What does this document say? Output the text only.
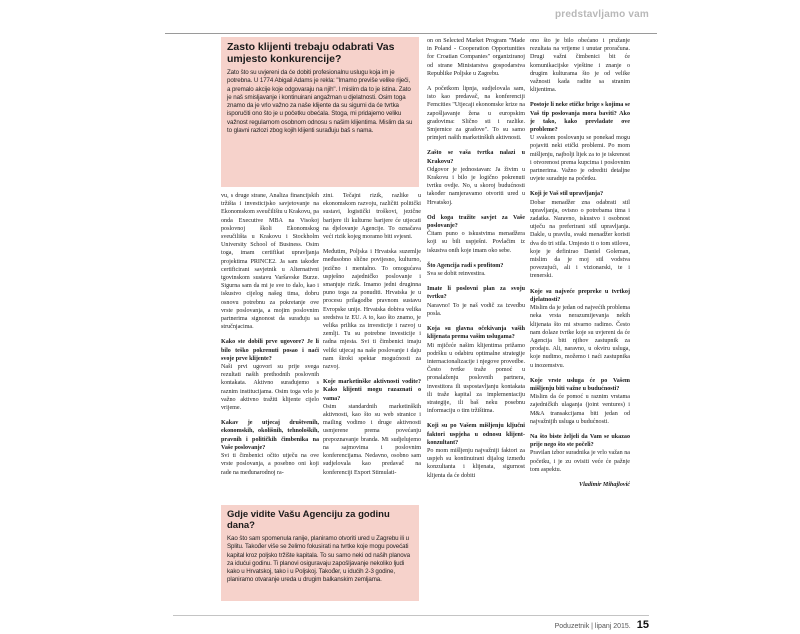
predstavljamo vam
Zasto klijenti trebaju odabrati Vas umjesto konkurencije?
Zato što su uvjereni da će dobiti profesionalnu uslugu koja im je potrebna. U 1774 Abigail Adams je rekla: "Imamo previše velike riječi, a premalo akcije koje odgovaraju na njih". I mislim da to je istina. Zato je naš smisljavanje i kontinuirani angažman u djelatnosti. Osim toga znamo da je vrlo važno za naše klijente da su sigurni da će tvrtka isporučiti ono što je u početku obećala. Stoga, mi pridajemo veliku važnost regularnom osobnom odnosu s našim klijentima. Mislim da su to glavni razlozi zbog kojih klijenti surađuju baš s nama.

vu, s druge strane, Analiza financijskih tržišta i investicijsko savjetovanje na Ekonomskom sveučilištu u Krakovu, pa onda Executive MBA na Visokoj poslovnoj školi Ekonomskog sveučilišta u Krakovu i Stockholm University School of Business. Osim toga, imam certifikat upravljanja projektima PRINCE2. Ja sam također certificirani savjetnik u Alternativni tgovinskom sustavu Varšavske Burze. Sigurna sam da mi je sve to dalo, kao i iskustvo cijelog našeg tima, dobru osnovu potrebnu za pokretanje ove vrste poslovanja, a mojim poslovnim partnerima signonost da surađuju sa stručnjacima.

Kako ste dobili prve ugovore? Je li bilo teško pokrenuti posao i naći svoje prve klijente?

Naši prvi ugovori su prije svega rezultati naših prethodnih poslovnih kontakata. Aktivno surađujemo s raznim institucijama. Osim toga vrlo je važno aktivno tražiti klijente cijelo vrijeme.

Kakav je utjecaj društvenih, ekonomskih, okolišnih, tehnoloških, pravnih i političkih čimbenika na Vaše poslovanje?

Svi ti čimbenici očito utječu na ove vrste poslovanja, a posebno oni koji rade na međunarodnoj ra-

zini. Tečajni rizik, razlike u ekonomskom razvoju, različiti politički sustavi, logistički troškovi, jezične barijere ili kulturne barijere će utjecati na djelovanje Agencije. To označava veći rizik kojeg moramo biti svjesni.

Međutim, Poljska i Hrvatska suzemlje međusobno slične povijesno, kulturno, jezično i mentalno. To omogućava uspješno zajedničko poslovanje i smanjuje rizik. Imamo jedni druginna puno toga za ponuditi. Hrvatska je u procesu prilagodbe pravnom sustavu Evropske unije. Hrvatska dobiva velika sredstva iz EU. A to, kao što znamo, je velika prilika za investicije i razvoj u zemlji. Tu su potrebne investicije i radna mjesta. Svi ti čimbenici imaju veliki utjecaj na naše poslovanje i daju nam široki spektar mogućnosti za razvoj.

Koje marketinške aktivnosti vodite? Kako klijenti mogu razaznati o vama?

Osim standardnih marketinških aktivnosti, kao što su web stranice i mailing vodimo i druge aktivnosti usmjerene prema povećanju prepoznavanje branda. Mi sudjelujemo na sajmovima i poslovnim konferencijama. Nedavno, osobno sam sudjelovala kao predavač na konferenciji Export Stimulati-

on on Selected Market Program "Made in Poland - Cooperation Opportunities for Croatian Companies" organiziranoj od strane Ministarstva gospodarstva Republike Poljske u Zagrebu.

A početkom lipnja, sudjelovala sam, isto kao predavač, na konferenciji Femcities "Utjecaji ekonomske krize na zapošljavanje žena u europskim gradovima: Slično sti i razlike. Smjernice za gradove". To su samo primjeri naših marketinških aktivnosti.

Zašto se vaša tvrtka nalazi u Krakovu?

Odgovor je jednostavan: Ja živim u Krakovu i bilo je logično pokrenuti tvrtku ovdje. No, u skoroj budućnosti također namjeravamo otvoriti ured u Hrvatskoj.

Od koga tražite savjet za Vaše poslovanje?

Čitam puno o iskustvima menadžera koji su bili uspješni. Povlačim iz iskustva onih koje imam oko sebe.

Što Agencija radi s profitom?

Sva se dobit reinvestira.

Imate li poslovni plan za svoju tvrtku?

Naravno! To je naš vodič za izvedbu posla.

Koja su glavna očekivanja vaših klijenata prema vašim uslugama?

Mi mjičeće našim klijentima prižamo podršku u odabiru optimalne strategije internacionalizacije i njegove provedbe. Često tvrtke traže pomoć u pronalaženju poslovnih partnera, investitora ili uspostavljanju kontakata ili traže kapital za implementaciju strategije, ili baš neku posebnu informaciju o tim tržištima.

Koji su po Vašem mišljenju ključni faktori uspjeha u odnosu klijent-konzultant?

Po mom mišljenju najvažniji faktori za uspjeh su kontinuirani dijalog između konzultanta i klijenata, sigurnost klijenta da će dobiti

ono što je bilo obećano i pružanje rezultata na vrijeme i unutar proračuna. Drugi važni čimbenici bit će komunikacijske vještine i znanje o drugim kulturama što je od velike važnosti kada radite sa stranim klijentima.

Postoje li neke etičke brige s kojima se Vaš tip poslovanja mora baviti? Ako je tako, kako prevladate ove probleme?

U svakom poslovanju se ponekad mogu pojaviti neki etički problemi. Po mom mišljenju, najbolji lijek za to je iskrenost i otvorenost prema kupcima i poslovnim partnerima. Važno je odrediti detaljne uvjete suradnje na početku.

Koji je Vaš stil upravljanja?

Dobar menadžer zna odabrati stil upravljanja, ovisno o potrebama tima i zadatka. Naravno, iskustvo i osobnost utječu na preferirani stil upravljanja. Dakle, u pravilu, svaki menadžer koristi dva do tri stila. Umjesto ti o tom stilovu, koje je definirao Daniel Goleman, mislim da je moj stil vodstva povezujući, ali i vizionarski, te i trenerski.

Koje su najveće prepreke u tvrtkoj djelatnosti?

Mislim da je jedan od najvećih problema neka vrsta nerazumijevanja nekih klijenata što mi stvarno radimo. Često nam dolaze tvrtke koje su uvjereni da će Agencija biti njihov zastupnik za prodaju. Ali, naravno, u okviru usluga, koje nudimo, možemo i naći zastupnika u inozemstvu.

Koje vrste usluga će po Vašem mišljenju biti važne u budućnosti?

Mislim da će pomoć u raznim vrstama zajedničkih ulaganja (joint ventures) i M&A transakcijama biti jedan od najvažnijih usluga u budućnosti.

Na što biste željeli da Vam se ukazao prije nego što ste počeli?

Pravilan izbor suradnika je vrlo važan na početku, i je zu ovisiti veće će pažnje tom aspektu.

Vladimir Mihajlović

Gdje vidite Vašu Agenciju za godinu dana?
Kao što sam spomenula ranije, planiramo otvoriti ured u Zagrebu ili u Splitu. Također više se želimo fokusirati na tvrtke koje mogu povećati kapital kroz poljsko tržište kapitala. To su samo neki od naših planova za idućui godinu. Ti planovi osiguravaju zapošljavanje nekoliko ljudi kako u Hrvatskoj, tako i u Poljskoj. Također, u idućih 2-3 godine, planiramo otvaranje ureda u drugim balkanskim zemljama.
Poduzetnik | lipanj 2015. 15
